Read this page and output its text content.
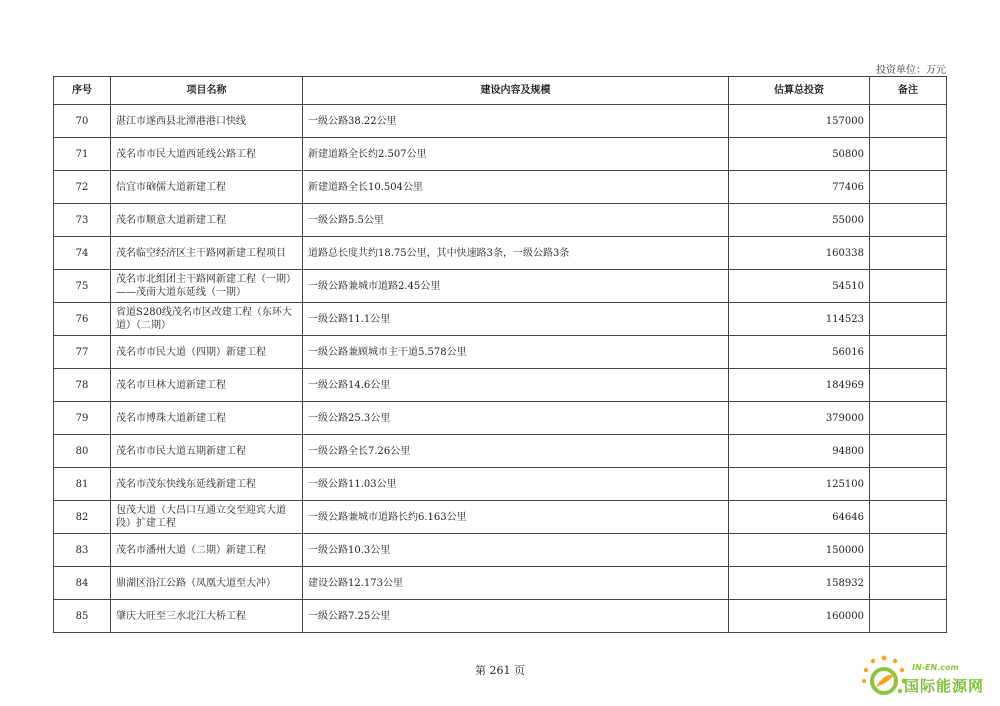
投资单位：万元
序号	项目名称	建设内容及规模	估算总投资	备注
70	湛江市遂西县北潭港港口快线	一级公路38.22公里	157000	
71	茂名市市民大道西延线公路工程	新建道路全长约2.507公里	50800	
72	信宜市硇儒大道新建工程	新建道路全长10.504公里	77406	
73	茂名市顺意大道新建工程	一级公路5.5公里	55000	
74	茂名临空经济区主干路网新建工程项目	道路总长度共约18.75公里，其中快速路3条，一级公路3条	160338	
75	茂名市北组团主干路网新建工程（一期）——茂南大道东延线（一期）	一级公路兼城市道路2.45公里	54510	
76	省道S280线茂名市区改建工程（东环大道）（二期）	一级公路11.1公里	114523	
77	茂名市市民大道（四期）新建工程	一级公路兼顾城市主干道5.578公里	56016	
78	茂名市旦林大道新建工程	一级公路14.6公里	184969	
79	茂名市博珠大道新建工程	一级公路25.3公里	379000	
80	茂名市市民大道五期新建工程	一级公路全长7.26公里	94800	
81	茂名市茂东快线东延线新建工程	一级公路11.03公里	125100	
82	包茂大道（大昌口互通立交至迎宾大道段）扩建工程	一级公路兼城市道路长约6.163公里	64646	
83	茂名市潘州大道（二期）新建工程	一级公路10.3公里	150000	
84	鼎湖区沿江公路（凤凰大道至大冲）	建设公路12.173公里	158932	
85	肇庆大旺至三水北江大桥工程	一级公路7.25公里	160000	
第 261 页	IN-EN.com
国际能源网
